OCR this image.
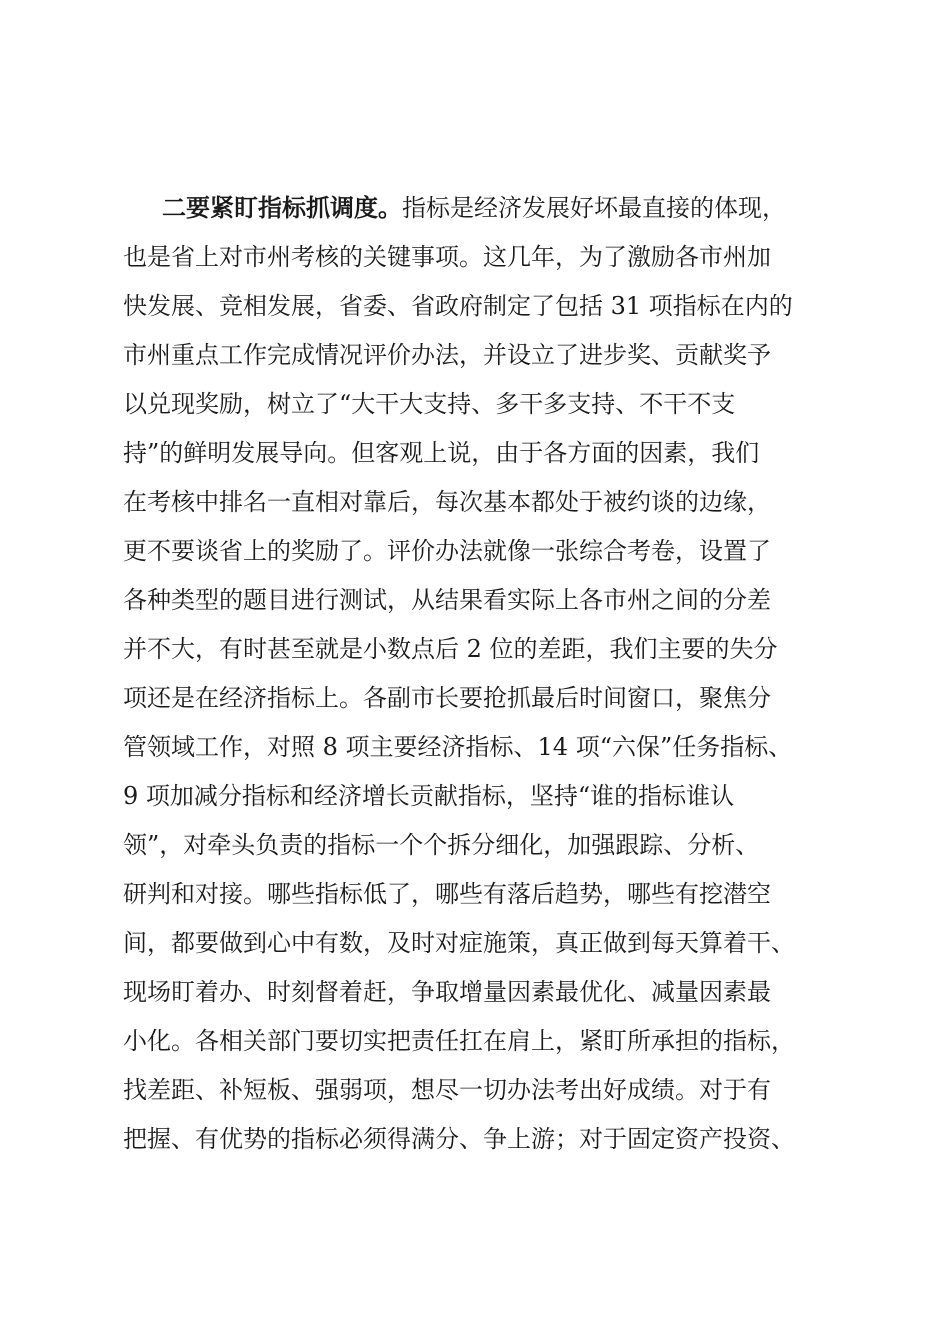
二要紧盯指标抓调度。指标是经济发展好坏最直接的体现，
也是省上对市州考核的关键事项。这几年，为了激励各市州加
快发展、竞相发展，省委、省政府制定了包括 31 项指标在内的
市州重点工作完成情况评价办法，并设立了进步奖、贡献奖予
以兑现奖励，树立了“大干大支持、多干多支持、不干不支
持”的鲜明发展导向。但客观上说，由于各方面的因素，我们
在考核中排名一直相对靠后，每次基本都处于被约谈的边缘，
更不要谈省上的奖励了。评价办法就像一张综合考卷，设置了
各种类型的题目进行测试，从结果看实际上各市州之间的分差
并不大，有时甚至就是小数点后 2 位的差距，我们主要的失分
项还是在经济指标上。各副市长要抢抓最后时间窗口，聚焦分
管领域工作，对照 8 项主要经济指标、14 项“六保”任务指标、
9 项加减分指标和经济增长贡献指标，坚持“谁的指标谁认
领”，对牵头负责的指标一个个拆分细化，加强跟踪、分析、
研判和对接。哪些指标低了，哪些有落后趋势，哪些有挖潜空
间，都要做到心中有数，及时对症施策，真正做到每天算着干、
现场盯着办、时刻督着赶，争取增量因素最优化、减量因素最
小化。各相关部门要切实把责任扛在肩上，紧盯所承担的指标，
找差距、补短板、强弱项，想尽一切办法考出好成绩。对于有
把握、有优势的指标必须得满分、争上游；对于固定资产投资、
